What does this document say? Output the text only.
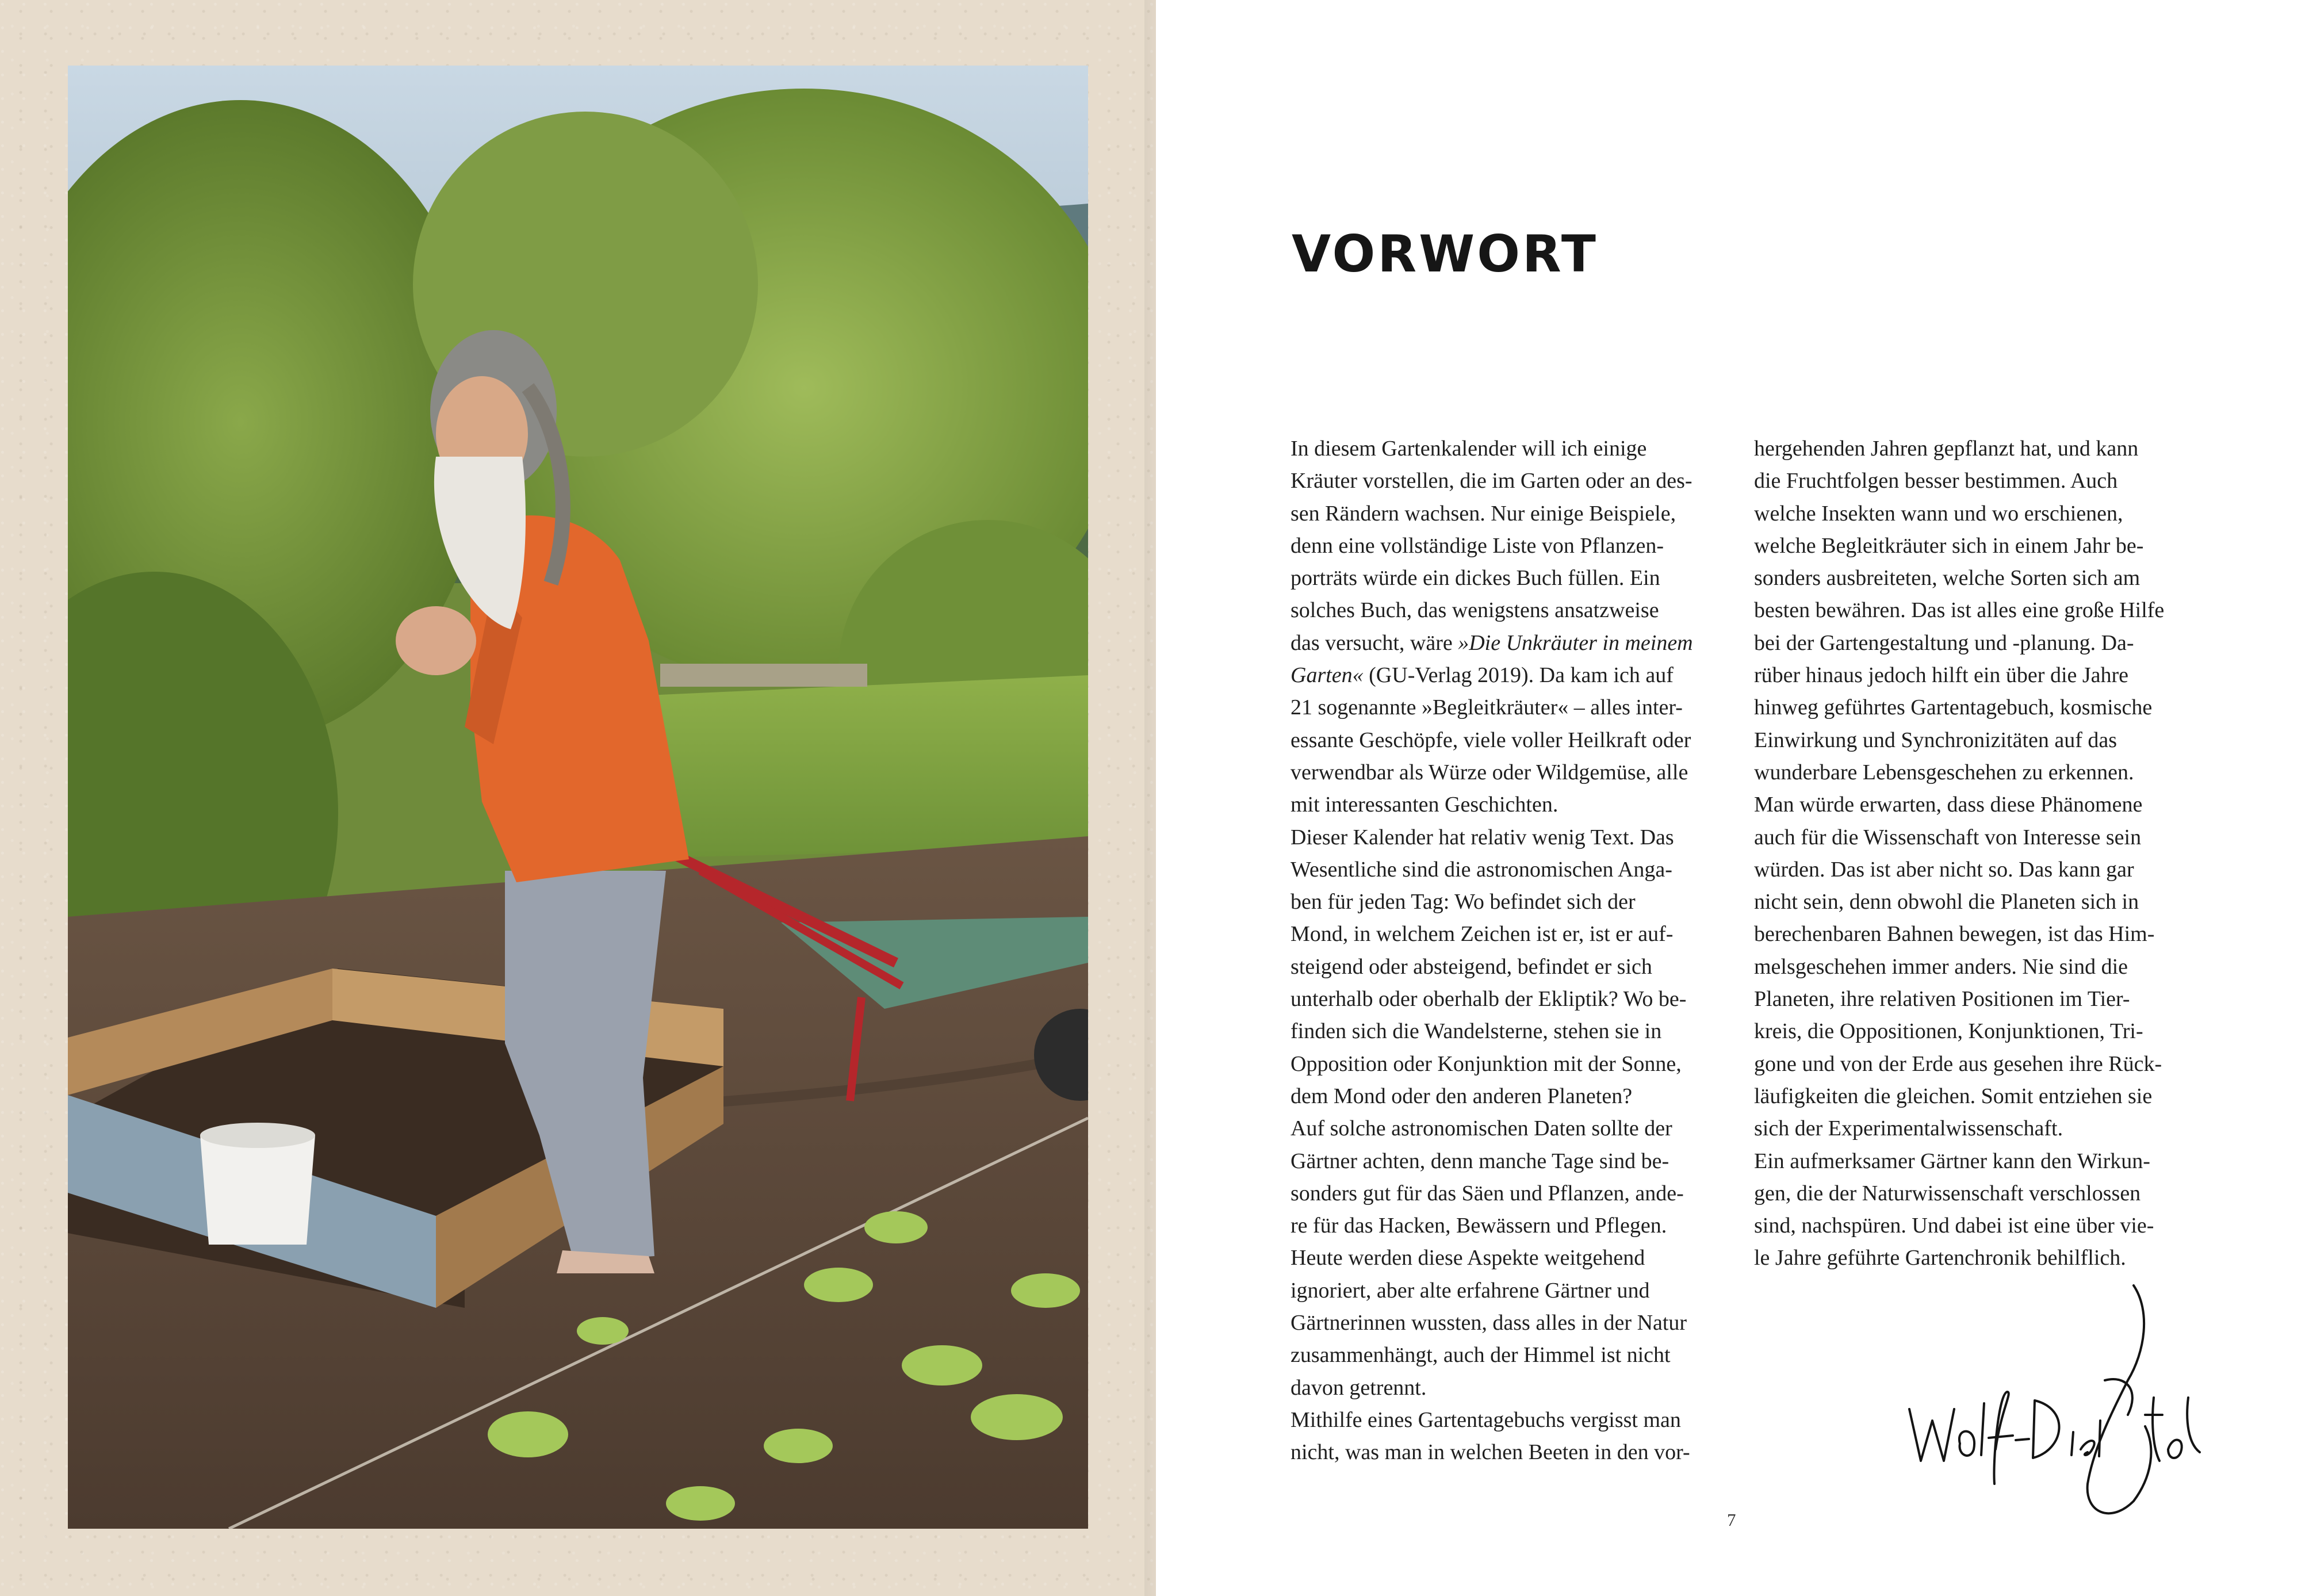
VORWORT
In diesem Gartenkalender will ich einige
Kräuter vorstellen, die im Garten oder an des-
sen Rändern wachsen. Nur einige Beispiele,
denn eine vollständige Liste von Pflanzen-
porträts würde ein dickes Buch füllen. Ein
solches Buch, das wenigstens ansatzweise
das versucht, wäre »Die Unkräuter in meinem
Garten« (GU-Verlag 2019). Da kam ich auf
21 sogenannte »Begleitkräuter« – alles inter-
essante Geschöpfe, viele voller Heilkraft oder
verwendbar als Würze oder Wildgemüse, alle
mit interessanten Geschichten.
Dieser Kalender hat relativ wenig Text. Das
Wesentliche sind die astronomischen Anga-
ben für jeden Tag: Wo befindet sich der
Mond, in welchem Zeichen ist er, ist er auf-
steigend oder absteigend, befindet er sich
unterhalb oder oberhalb der Ekliptik? Wo be-
finden sich die Wandelsterne, stehen sie in
Opposition oder Konjunktion mit der Sonne,
dem Mond oder den anderen Planeten?
Auf solche astronomischen Daten sollte der
Gärtner achten, denn manche Tage sind be-
sonders gut für das Säen und Pflanzen, ande-
re für das Hacken, Bewässern und Pflegen.
Heute werden diese Aspekte weitgehend
ignoriert, aber alte erfahrene Gärtner und
Gärtnerinnen wussten, dass alles in der Natur
zusammenhängt, auch der Himmel ist nicht
davon getrennt.
Mithilfe eines Gartentagebuchs vergisst man
nicht, was man in welchen Beeten in den vor-
hergehenden Jahren gepflanzt hat, und kann
die Fruchtfolgen besser bestimmen. Auch
welche Insekten wann und wo erschienen,
welche Begleitkräuter sich in einem Jahr be-
sonders ausbreiteten, welche Sorten sich am
besten bewähren. Das ist alles eine große Hilfe
bei der Gartengestaltung und -planung. Da-
rüber hinaus jedoch hilft ein über die Jahre
hinweg geführtes Gartentagebuch, kosmische
Einwirkung und Synchronizitäten auf das
wunderbare Lebensgeschehen zu erkennen.
Man würde erwarten, dass diese Phänomene
auch für die Wissenschaft von Interesse sein
würden. Das ist aber nicht so. Das kann gar
nicht sein, denn obwohl die Planeten sich in
berechenbaren Bahnen bewegen, ist das Him-
melsgeschehen immer anders. Nie sind die
Planeten, ihre relativen Positionen im Tier-
kreis, die Oppositionen, Konjunktionen, Tri-
gone und von der Erde aus gesehen ihre Rück-
läufigkeiten die gleichen. Somit entziehen sie
sich der Experimentalwissenschaft.
Ein aufmerksamer Gärtner kann den Wirkun-
gen, die der Naturwissenschaft verschlossen
sind, nachspüren. Und dabei ist eine über vie-
le Jahre geführte Gartenchronik behilflich.
7
